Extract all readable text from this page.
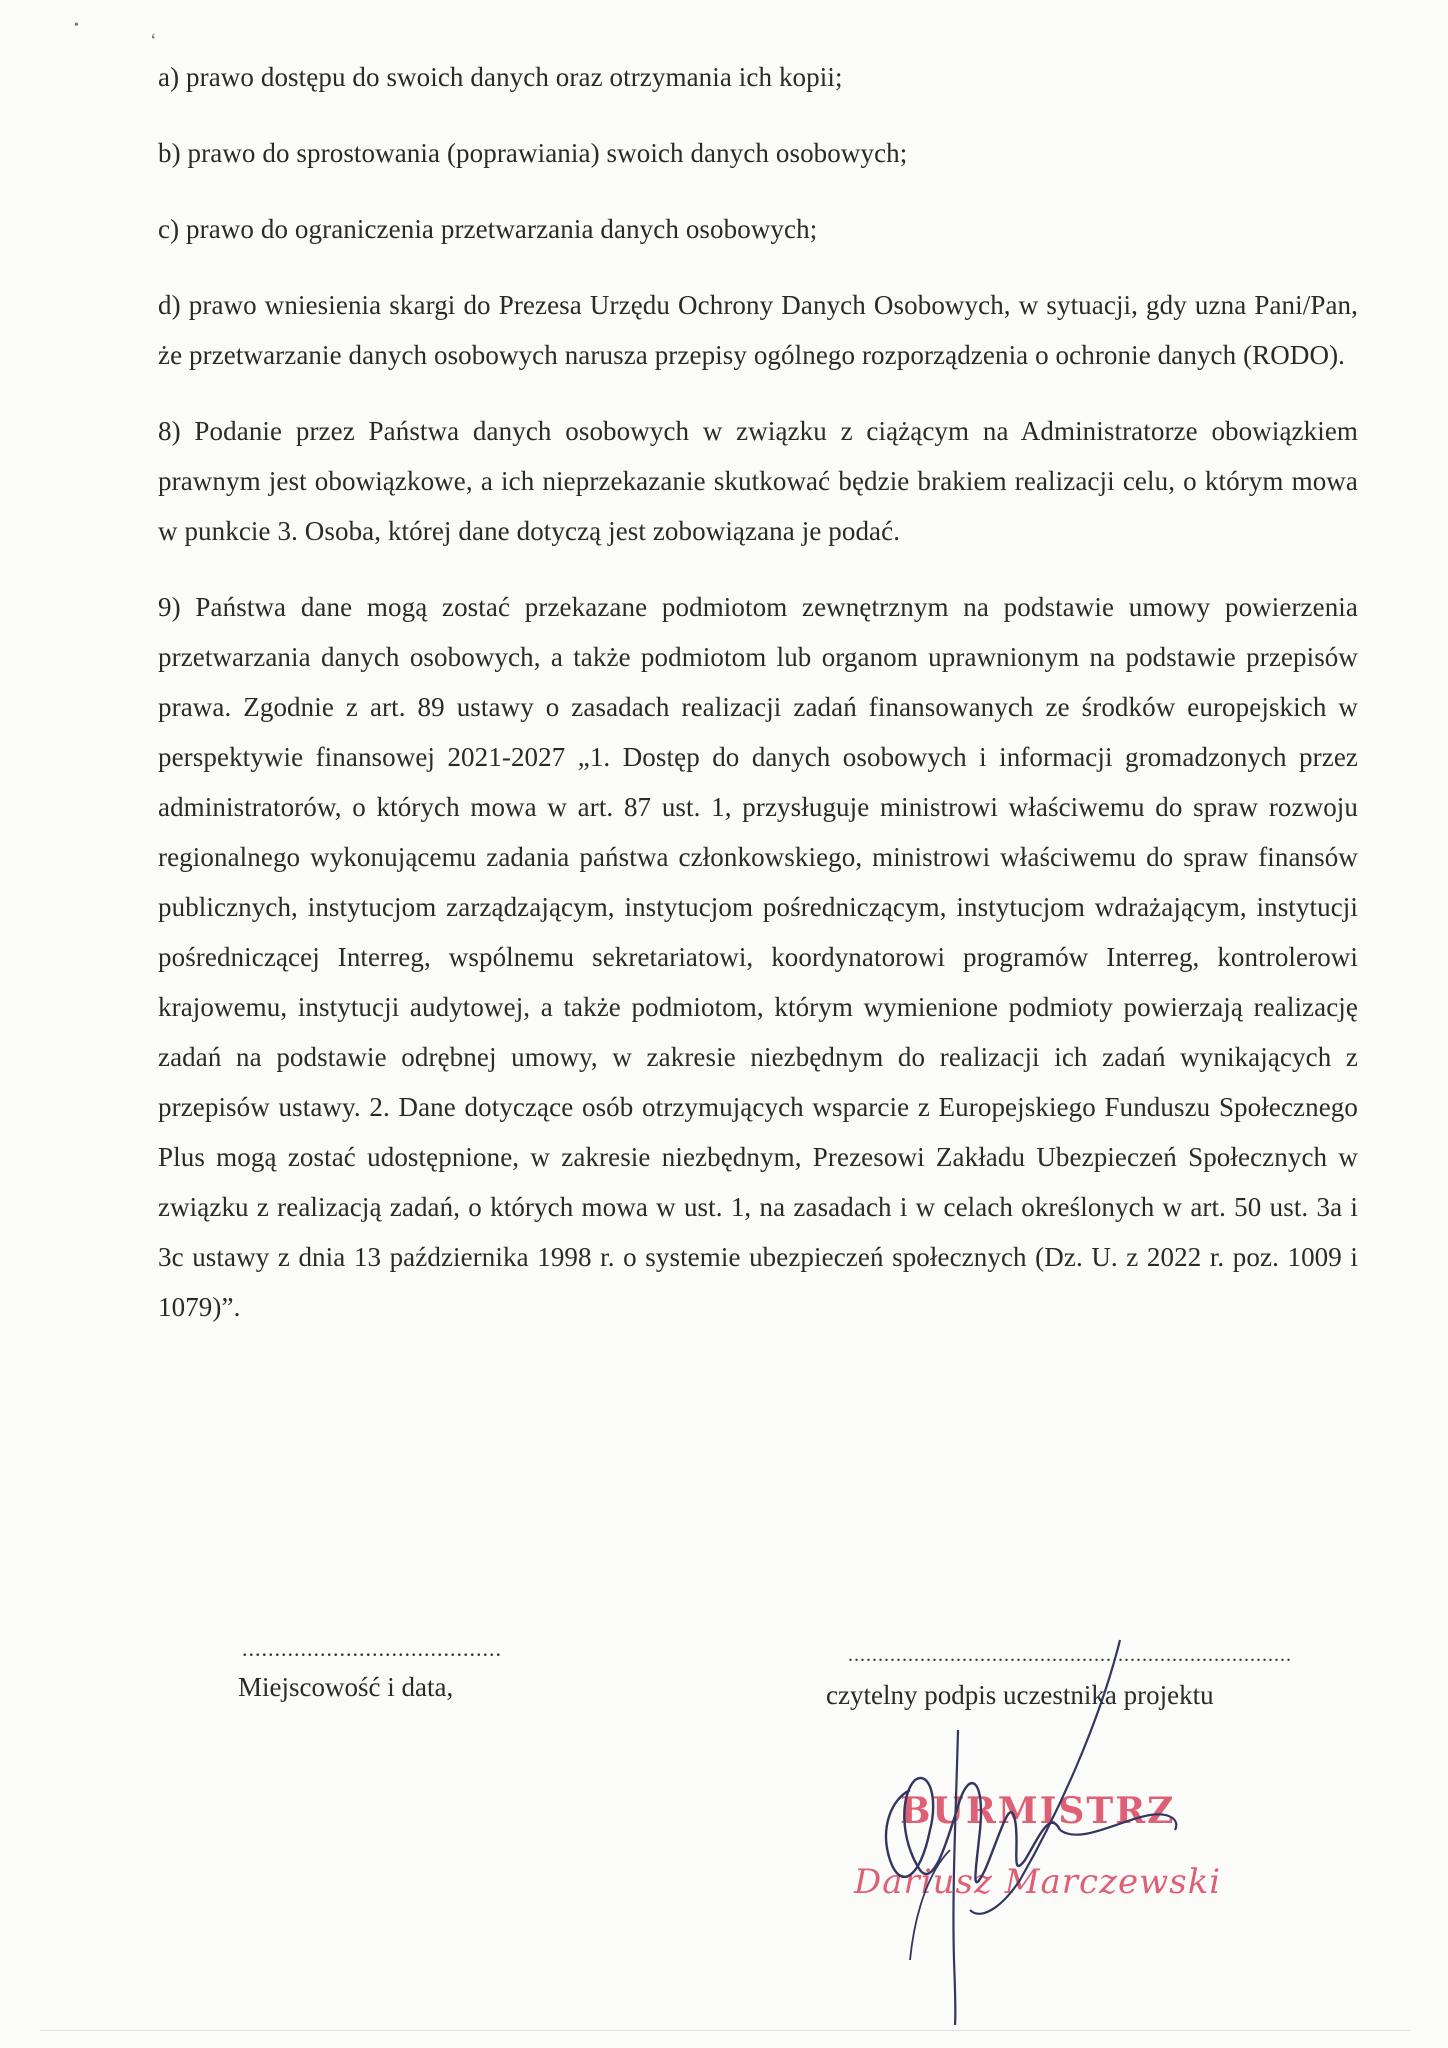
•
ʻ

a) prawo dostępu do swoich danych oraz otrzymania ich kopii;

b) prawo do sprostowania (poprawiania) swoich danych osobowych;

c) prawo do ograniczenia przetwarzania danych osobowych;

d) prawo wniesienia skargi do Prezesa Urzędu Ochrony Danych Osobowych, w sytuacji, gdy uzna Pani/Pan, że przetwarzanie danych osobowych narusza przepisy ogólnego rozporządzenia o ochronie danych (RODO).

8) Podanie przez Państwa danych osobowych w związku z ciążącym na Administratorze obowiązkiem prawnym jest obowiązkowe, a ich nieprzekazanie skutkować będzie brakiem realizacji celu, o którym mowa w punkcie 3. Osoba, której dane dotyczą jest zobowiązana je podać.

9) Państwa dane mogą zostać przekazane podmiotom zewnętrznym na podstawie umowy powierzenia przetwarzania danych osobowych, a także podmiotom lub organom uprawnionym na podstawie przepisów prawa. Zgodnie z art. 89 ustawy o zasadach realizacji zadań finansowanych ze środków europejskich w perspektywie finansowej 2021-2027 „1. Dostęp do danych osobowych i informacji gromadzonych przez administratorów, o których mowa w art. 87 ust. 1, przysługuje ministrowi właściwemu do spraw rozwoju regionalnego wykonującemu zadania państwa członkowskiego, ministrowi właściwemu do spraw finansów publicznych, instytucjom zarządzającym, instytucjom pośredniczącym, instytucjom wdrażającym, instytucji pośredniczącej Interreg, wspólnemu sekretariatowi, koordynatorowi programów Interreg, kontrolerowi krajowemu, instytucji audytowej, a także podmiotom, którym wymienione podmioty powierzają realizację zadań na podstawie odrębnej umowy, w zakresie niezbędnym do realizacji ich zadań wynikających z przepisów ustawy. 2. Dane dotyczące osób otrzymujących wsparcie z Europejskiego Funduszu Społecznego Plus mogą zostać udostępnione, w zakresie niezbędnym, Prezesowi Zakładu Ubezpieczeń Społecznych w związku z realizacją zadań, o których mowa w ust. 1, na zasadach i w celach określonych w art. 50 ust. 3a i 3c ustawy z dnia 13 października 1998 r. o systemie ubezpieczeń społecznych (Dz. U. z 2022 r. poz. 1009 i 1079)”.

........................................
Miejscowość i data,
..........................................................................
czytelny podpis uczestnika projektu
BURMISTRZ
Dariusz Marczewski
